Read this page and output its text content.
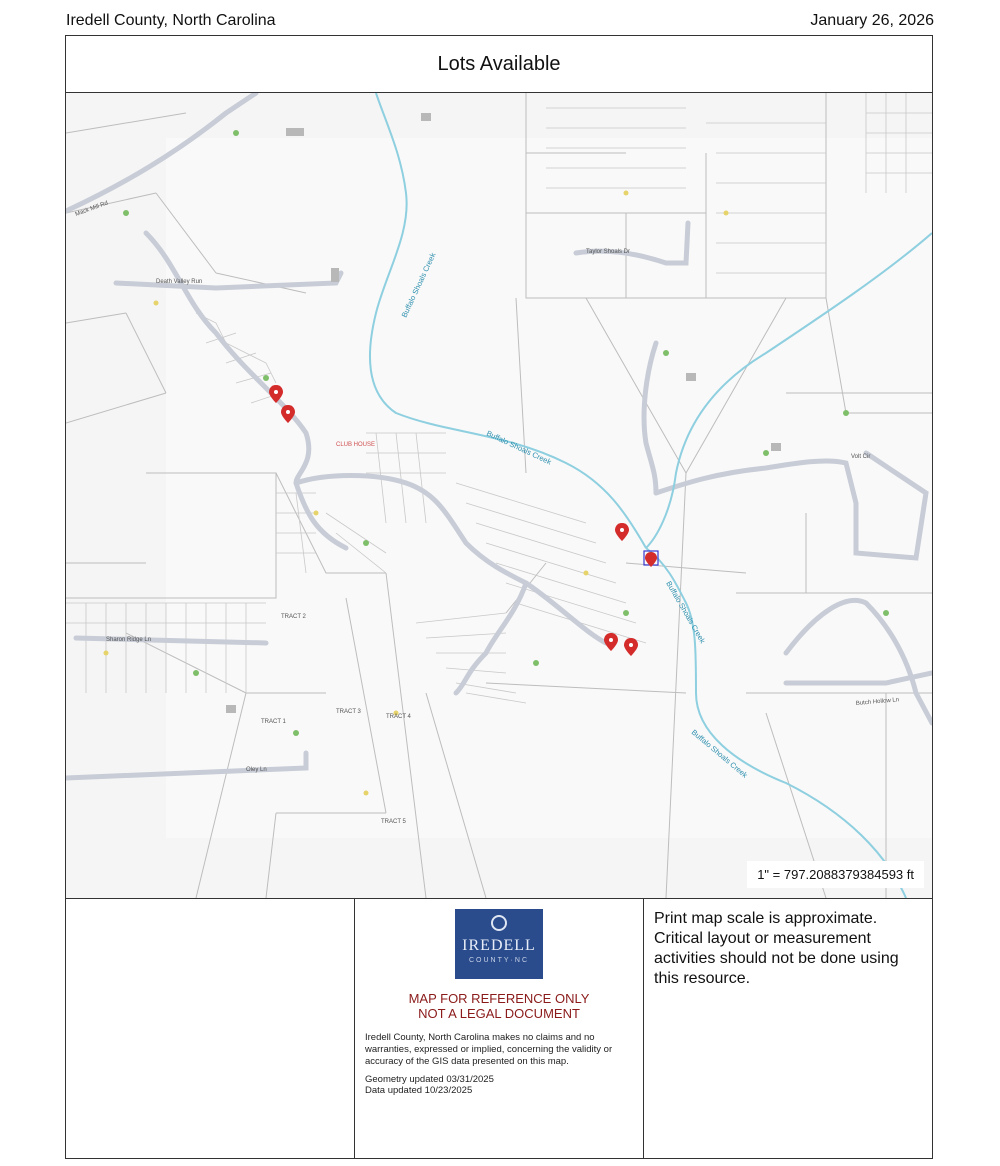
Iredell County, North Carolina	January 26, 2026
Lots Available
Mack Mill Rd
Death Valley Run
Taylor Shoals Dr
Sharon Ridge Ln
Oley Ln
Volt Cir
Butch Hollow Ln
TRACT 2
TRACT 1
TRACT 3
TRACT 4
TRACT 5
CLUB HOUSE	Buffalo Shoals Creek
Buffalo Shoals Creek
Buffalo Shoals Creek
Buffalo Shoals Creek
1" = 797.2088379384593 ft
IREDELL
COUNTY·NC
MAP FOR REFERENCE ONLY
NOT A LEGAL DOCUMENT
Iredell County, North Carolina makes no claims and no warranties, expressed or implied, concerning the validity or accuracy of the GIS data presented on this map.
Geometry updated 03/31/2025
Data updated 10/23/2025
Print map scale is approximate. Critical layout or measurement activities should not be done using this resource.
